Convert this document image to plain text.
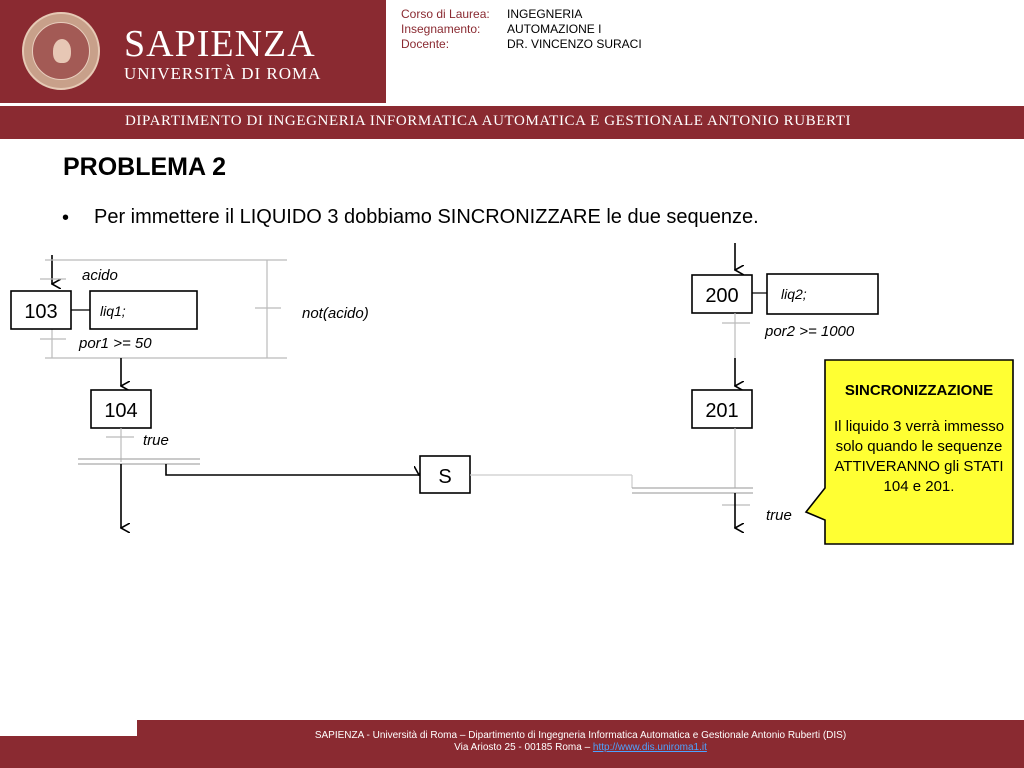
SAPIENZA
UNIVERSITÀ DI ROMA
Corso di Laurea: INGEGNERIA
Insegnamento: AUTOMAZIONE I
Docente:	DR. VINCENZO SURACI
DIPARTIMENTO DI INGEGNERIA INFORMATICA AUTOMATICA E GESTIONALE ANTONIO RUBERTI
PROBLEMA 2
• Per immettere il LIQUIDO 3 dobbiamo SINCRONIZZARE le due sequenze.
103	liq1;
104
S
200	liq2;
201
acido
not(acido)
por1 >= 50
true
por2 >= 1000
true
SINCRONIZZAZIONE
Il liquido 3 verrà immesso solo quando le sequenze ATTIVERANNO gli STATI 104 e 201.
SAPIENZA - Università di Roma – Dipartimento di Ingegneria Informatica Automatica e Gestionale Antonio Ruberti (DIS)
Via Ariosto 25 - 00185 Roma – http://www.dis.uniroma1.it
